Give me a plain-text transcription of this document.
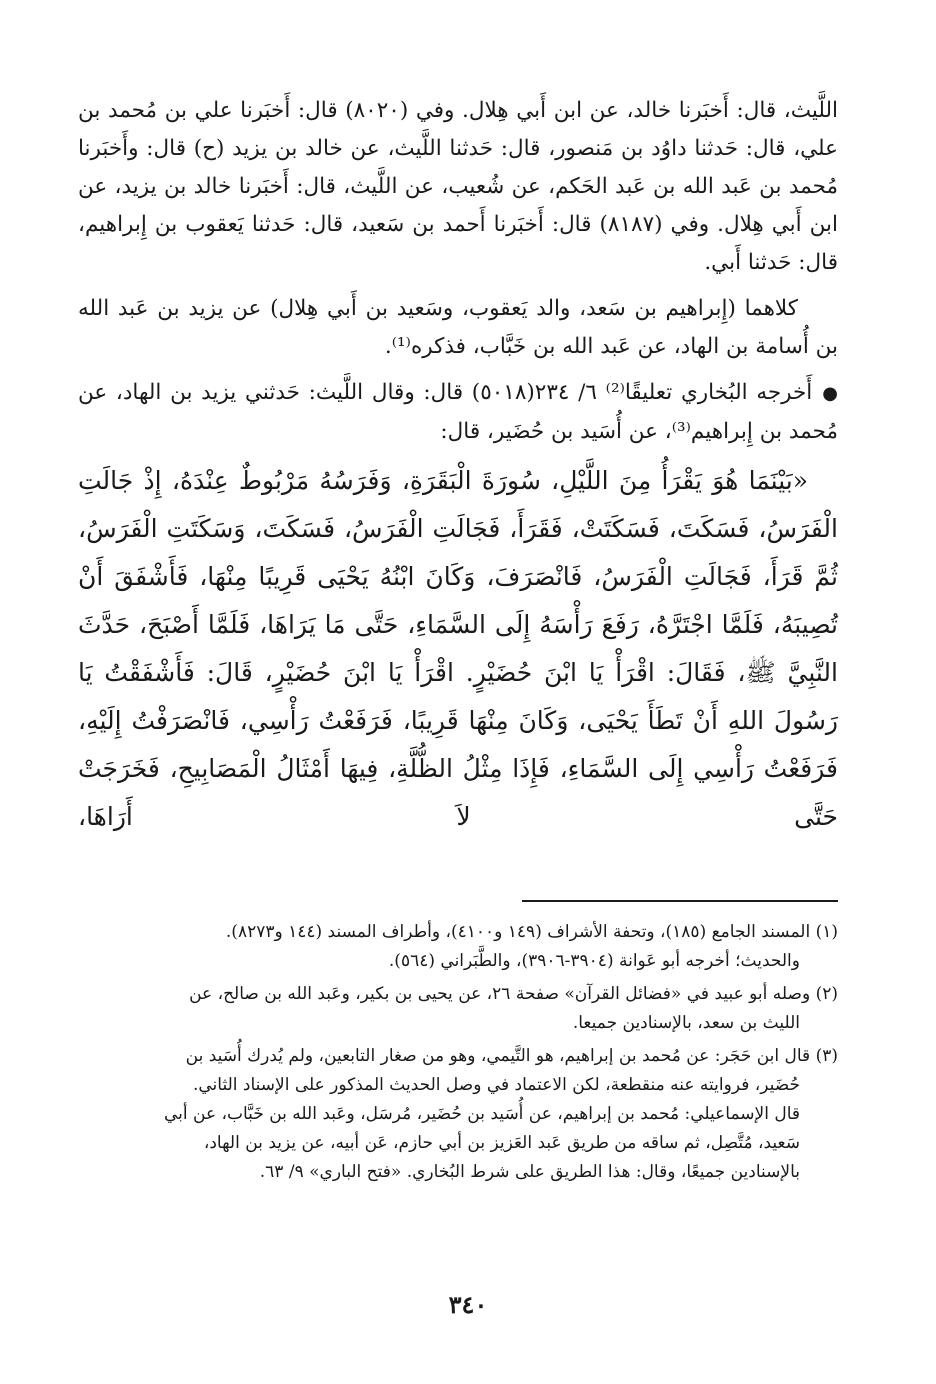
اللَّيث، قال: أَخبَرنا خالد، عن ابن أَبي هِلال. وفي (٨٠٢٠) قال: أَخبَرنا علي بن مُحمد بن علي، قال: حَدثنا داوُد بن مَنصور، قال: حَدثنا اللَّيث، عن خالد بن يزيد (ح) قال: وأَخبَرنا مُحمد بن عَبد الله بن عَبد الحَكم، عن شُعيب، عن اللَّيث، قال: أَخبَرنا خالد بن يزيد، عن ابن أَبي هِلال. وفي (٨١٨٧) قال: أَخبَرنا أَحمد بن سَعيد، قال: حَدثنا يَعقوب بن إِبراهيم، قال: حَدثنا أَبي.

كلاهما (إِبراهيم بن سَعد، والد يَعقوب، وسَعيد بن أَبي هِلال) عن يزيد بن عَبد الله بن أُسامة بن الهاد، عن عَبد الله بن خَبَّاب، فذكره⁽¹⁾.

●أَخرجه البُخاري تعليقًا⁽²⁾ ٦/ ٢٣٤(٥٠١٨) قال: وقال اللَّيث: حَدثني يزيد بن الهاد، عن مُحمد بن إِبراهيم⁽³⁾، عن أُسَيد بن حُضَير، قال:

«بَيْنَمَا هُوَ يَقْرَأُ مِنَ اللَّيْلِ، سُورَةَ الْبَقَرَةِ، وَفَرَسُهُ مَرْبُوطٌ عِنْدَهُ، إِذْ جَالَتِ الْفَرَسُ، فَسَكَتَ، فَسَكَتَتْ، فَقَرَأَ، فَجَالَتِ الْفَرَسُ، فَسَكَتَ، وَسَكَتَتِ الْفَرَسُ، ثُمَّ قَرَأَ، فَجَالَتِ الْفَرَسُ، فَانْصَرَفَ، وَكَانَ ابْنُهُ يَحْيَى قَرِيبًا مِنْهَا، فَأَشْفَقَ أَنْ تُصِيبَهُ، فَلَمَّا اجْتَرَّهُ، رَفَعَ رَأْسَهُ إِلَى السَّمَاءِ، حَتَّى مَا يَرَاهَا، فَلَمَّا أَصْبَحَ، حَدَّثَ النَّبِيَّ ﷺ، فَقَالَ: اقْرَأْ يَا ابْنَ حُضَيْرٍ. اقْرَأْ يَا ابْنَ حُضَيْرٍ، قَالَ: فَأَشْفَقْتُ يَا رَسُولَ اللهِ أَنْ تَطَأَ يَحْيَى، وَكَانَ مِنْهَا قَرِيبًا، فَرَفَعْتُ رَأْسِي، فَانْصَرَفْتُ إِلَيْهِ، فَرَفَعْتُ رَأْسِي إِلَى السَّمَاءِ، فَإِذَا مِثْلُ الظُّلَّةِ، فِيهَا أَمْثَالُ الْمَصَابِيحِ، فَخَرَجَتْ حَتَّى لاَ أَرَاهَا،

(١) المسند الجامع (١٨٥)، وتحفة الأشراف (١٤٩ و٤١٠٠)، وأطراف المسند (١٤٤ و٨٢٧٣).
والحديث؛ أخرجه أبو عَوانة (٣٩٠٤-٣٩٠٦)، والطَّبَراني (٥٦٤).
(٢) وصله أبو عبيد في «فضائل القرآن» صفحة ٢٦، عن يحيى بن بكير، وعَبد الله بن صالح، عن
الليث بن سعد، بالإسنادين جميعا.
(٣) قال ابن حَجَر: عن مُحمد بن إبراهيم، هو التَّيمي، وهو من صغار التابعين، ولم يُدرك أُسَيد بن
حُضَير، فروايته عنه منقطعة، لكن الاعتماد في وصل الحديث المذكور على الإسناد الثاني.
قال الإسماعيلي: مُحمد بن إبراهيم، عن أُسَيد بن حُضَير، مُرسَل، وعَبد الله بن خَبَّاب، عن أبي
سَعيد، مُتَّصِل، ثم ساقه من طريق عَبد العَزيز بن أبي حازم، عَن أبيه، عن يزيد بن الهاد،
بالإسنادين جميعًا، وقال: هذا الطريق على شرط البُخاري. «فتح الباري» ٩/ ٦٣.
٣٤٠
